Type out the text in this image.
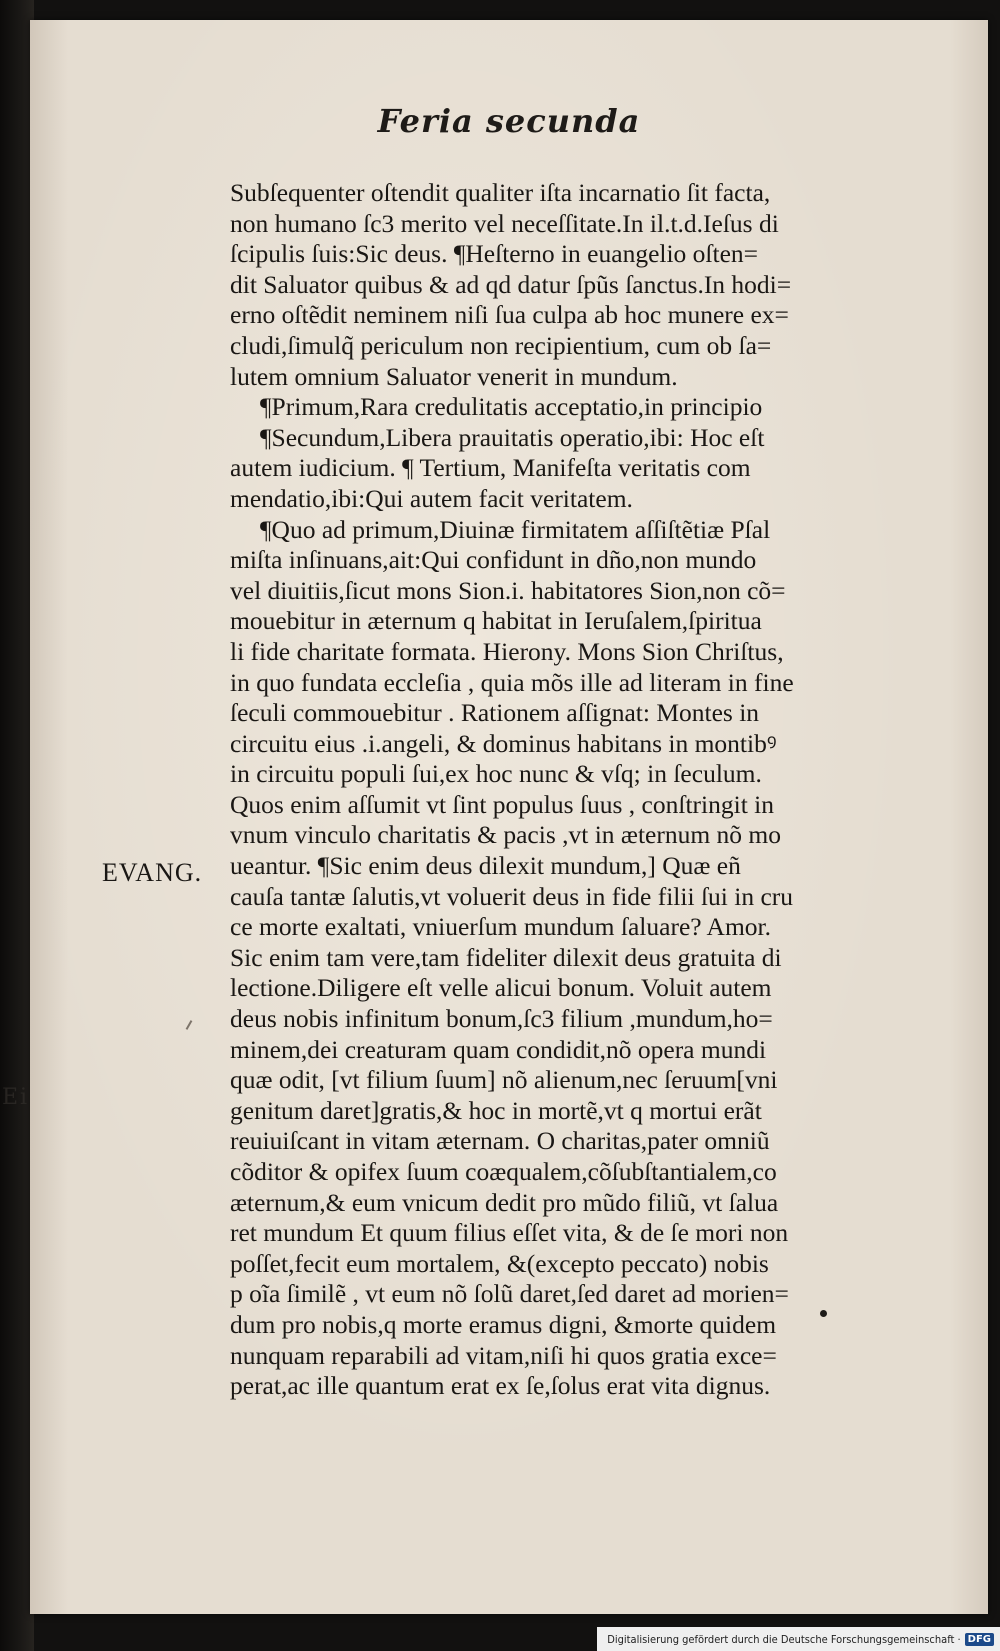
Ei
Feria secunda
EVANG.
Subſequenter oſtendit qualiter iſta incarnatio ſit facta,
non humano ſc3 merito vel neceſſitate.In il.t.d.Ieſus di
ſcipulis ſuis:Sic deus. ¶Heſterno in euangelio oſten=
dit Saluator quibus & ad qd datur ſpũs ſanctus.In hodi=
erno oſtẽdit neminem niſi ſua culpa ab hoc munere ex=
cludi,ſimulq̃ periculum non recipientium, cum ob ſa=
lutem omnium Saluator venerit in mundum.
¶Primum,Rara credulitatis acceptatio,in principio
¶Secundum,Libera prauitatis operatio,ibi: Hoc eſt
autem iudicium. ¶ Tertium, Manifeſta veritatis com
mendatio,ibi:Qui autem facit veritatem.
¶Quo ad primum,Diuinæ firmitatem aſſiſtẽtiæ Pſal
miſta inſinuans,ait:Qui confidunt in dño,non mundo
vel diuitiis,ſicut mons Sion.i. habitatores Sion,non cõ=
mouebitur in æternum q habitat in Ieruſalem,ſpiritua
li fide charitate formata. Hierony. Mons Sion Chriſtus,
in quo fundata eccleſia , quia mõs ille ad literam in fine
ſeculi commouebitur . Rationem aſſignat: Montes in
circuitu eius .i.angeli, & dominus habitans in montibꝰ
in circuitu populi ſui,ex hoc nunc & vſq; in ſeculum.
Quos enim aſſumit vt ſint populus ſuus , conſtringit in
vnum vinculo charitatis & pacis ,vt in æternum nõ mo
ueantur. ¶Sic enim deus dilexit mundum,] Quæ eñ
cauſa tantæ ſalutis,vt voluerit deus in fide filii ſui in cru
ce morte exaltati, vniuerſum mundum ſaluare? Amor.
Sic enim tam vere,tam fideliter dilexit deus gratuita di
lectione.Diligere eſt velle alicui bonum. Voluit autem
deus nobis infinitum bonum,ſc3 filium ,mundum,ho=
minem,dei creaturam quam condidit,nõ opera mundi
quæ odit, [vt filium ſuum] nõ alienum,nec ſeruum[vni
genitum daret]gratis,& hoc in mortẽ,vt q mortui erãt
reuiuiſcant in vitam æternam. O charitas,pater omniũ
cõditor & opifex ſuum coæqualem,cõſubſtantialem,co
æternum,& eum vnicum dedit pro mũdo filiũ, vt ſalua
ret mundum Et quum filius eſſet vita, & de ſe mori non
poſſet,fecit eum mortalem, &(excepto peccato) nobis
p oĩa ſimilẽ , vt eum nõ ſolũ daret,ſed daret ad morien=
dum pro nobis,q morte eramus digni, &morte quidem
nunquam reparabili ad vitam,niſi hi quos gratia exce=
perat,ac ille quantum erat ex ſe,ſolus erat vita dignus.
Digitalisierung gefördert durch die Deutsche Forschungsgemeinschaft · DFG
